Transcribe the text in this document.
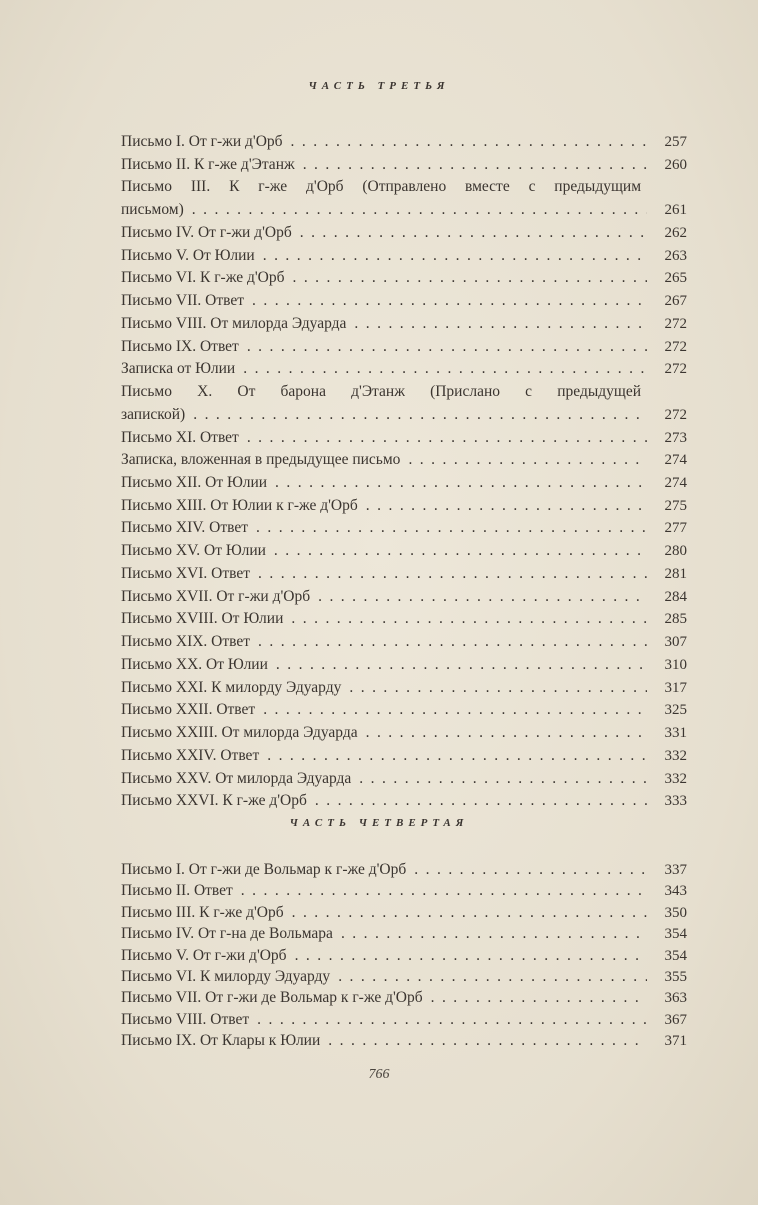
ЧАСТЬ ТРЕТЬЯ
Письмо I. От г-жи д'Орб . . .	257
Письмо II. К г-же д'Этанж . . .	260
Письмо III. К г-же д'Орб (Отправлено вместе с предыдущим
письмом) . . .	261
Письмо IV. От г-жи д'Орб . . .	262
Письмо V. От Юлии . . .	263
Письмо VI. К г-же д'Орб . . .	265
Письмо VII. Ответ . . .	267
Письмо VIII. От милорда Эдуарда . . .	272
Письмо IX. Ответ . . .	272
Записка от Юлии . . .	272
Письмо X. От барона д'Этанж (Прислано с предыдущей
запиской) . . .	272
Письмо XI. Ответ . . .	273
Записка, вложенная в предыдущее письмо . . .	274
Письмо XII. От Юлии . . .	274
Письмо XIII. От Юлии к г-же д'Орб . . .	275
Письмо XIV. Ответ . . .	277
Письмо XV. От Юлии . . .	280
Письмо XVI. Ответ . . .	281
Письмо XVII. От г-жи д'Орб . . .	284
Письмо XVIII. От Юлии . . .	285
Письмо XIX. Ответ . . .	307
Письмо XX. От Юлии . . .	310
Письмо XXI. К милорду Эдуарду . . .	317
Письмо XXII. Ответ . . .	325
Письмо XXIII. От милорда Эдуарда . . .	331
Письмо XXIV. Ответ . . .	332
Письмо XXV. От милорда Эдуарда . . .	332
Письмо XXVI. К г-же д'Орб . . .	333
ЧАСТЬ ЧЕТВЕРТАЯ
Письмо I. От г-жи де Вольмар к г-же д'Орб . . .	337
Письмо II. Ответ . . .	343
Письмо III. К г-же д'Орб . . .	350
Письмо IV. От г-на де Вольмара . . .	354
Письмо V. От г-жи д'Орб . . .	354
Письмо VI. К милорду Эдуарду . . .	355
Письмо VII. От г-жи де Вольмар к г-же д'Орб . . .	363
Письмо VIII. Ответ . . .	367
Письмо IX. От Клары к Юлии . . .	371
766
